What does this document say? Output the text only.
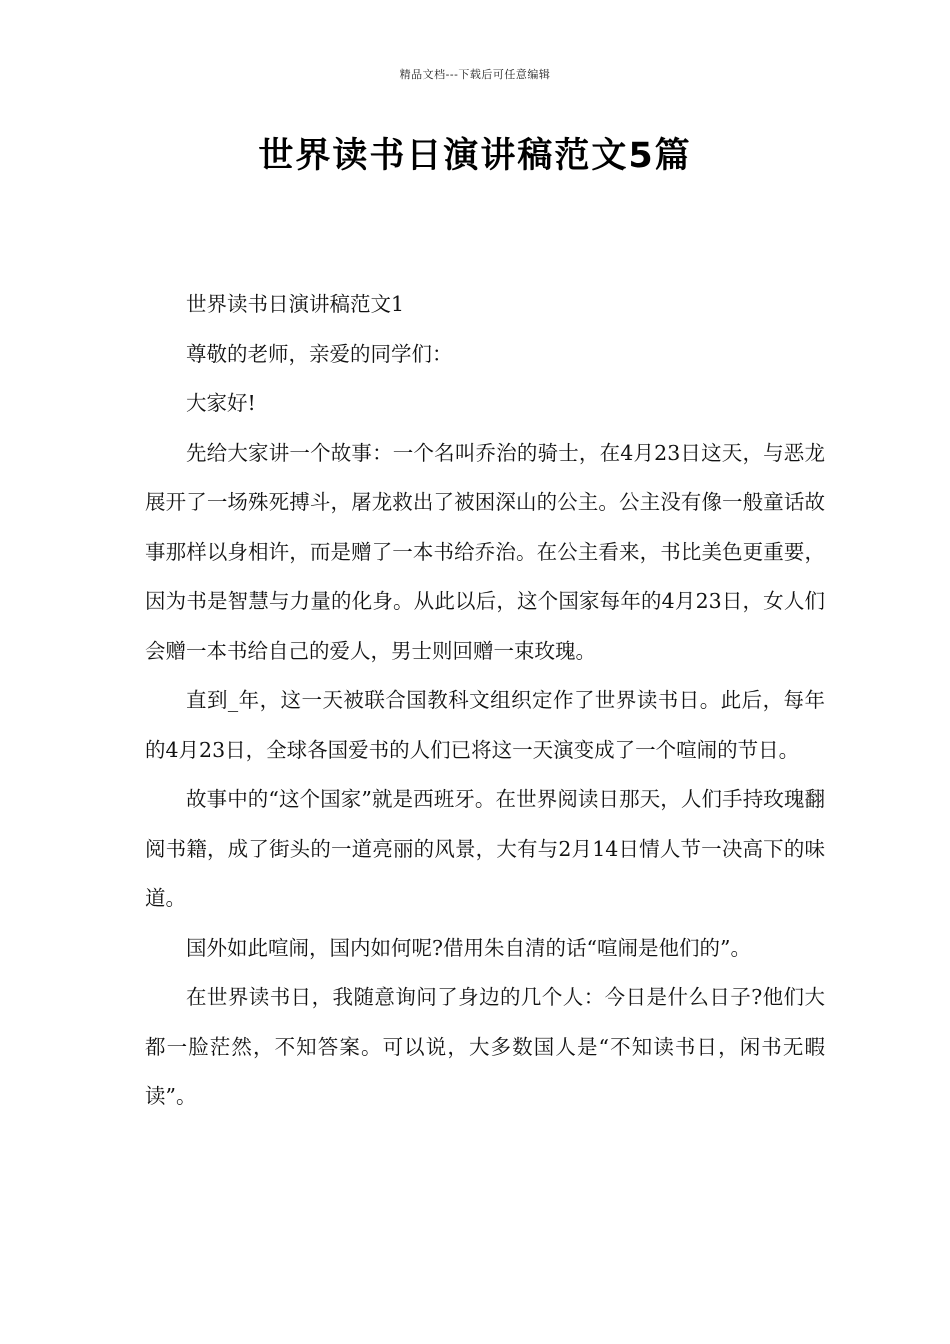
精品文档---下载后可任意编辑
世界读书日演讲稿范文5篇

世界读书日演讲稿范文1

尊敬的老师，亲爱的同学们：

大家好!

先给大家讲一个故事：一个名叫乔治的骑士，在4月23日这天，与恶龙展开了一场殊死搏斗，屠龙救出了被困深山的公主。公主没有像一般童话故事那样以身相许，而是赠了一本书给乔治。在公主看来，书比美色更重要，因为书是智慧与力量的化身。从此以后，这个国家每年的4月23日，女人们会赠一本书给自己的爱人，男士则回赠一束玫瑰。

直到_年，这一天被联合国教科文组织定作了世界读书日。此后，每年的4月23日，全球各国爱书的人们已将这一天演变成了一个喧闹的节日。

故事中的“这个国家”就是西班牙。在世界阅读日那天，人们手持玫瑰翻阅书籍，成了街头的一道亮丽的风景，大有与2月14日情人节一决高下的味道。

国外如此喧闹，国内如何呢?借用朱自清的话“喧闹是他们的”。

在世界读书日，我随意询问了身边的几个人：今日是什么日子?他们大都一脸茫然，不知答案。可以说，大多数国人是“不知读书日，闲书无暇读”。
